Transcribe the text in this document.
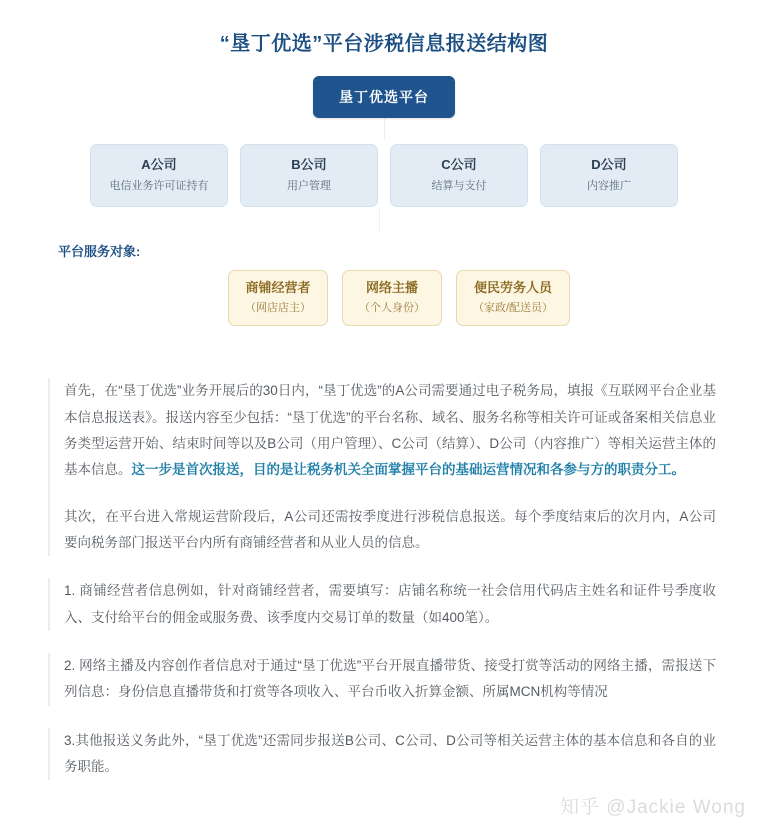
“垦丁优选”平台涉税信息报送结构图
垦丁优选平台
A公司
电信业务许可证持有
B公司
用户管理
C公司
结算与支付
D公司
内容推广
平台服务对象:
商铺经营者
（网店店主）
网络主播
（个人身份）
便民劳务人员
（家政/配送员）

首先，在“垦丁优选”业务开展后的30日内，“垦丁优选”的A公司需要通过电子税务局，填报《互联网平台企业基本信息报送表》。报送内容至少包括：“垦丁优选”的平台名称、域名、服务名称等相关许可证或备案相关信息业务类型运营开始、结束时间等以及B公司（用户管理）、C公司（结算）、D公司（内容推广）等相关运营主体的基本信息。这一步是首次报送，目的是让税务机关全面掌握平台的基础运营情况和各参与方的职责分工。

其次，在平台进入常规运营阶段后，A公司还需按季度进行涉税信息报送。每个季度结束后的次月内，A公司要向税务部门报送平台内所有商铺经营者和从业人员的信息。

1. 商铺经营者信息例如，针对商铺经营者，需要填写：店铺名称统一社会信用代码店主姓名和证件号季度收入、支付给平台的佣金或服务费、该季度内交易订单的数量（如400笔）。

2. 网络主播及内容创作者信息对于通过“垦丁优选”平台开展直播带货、接受打赏等活动的网络主播，需报送下列信息：身份信息直播带货和打赏等各项收入、平台币收入折算金额、所属MCN机构等情况

3.其他报送义务此外，“垦丁优选”还需同步报送B公司、C公司、D公司等相关运营主体的基本信息和各自的业务职能。

知乎 @Jackie Wong
